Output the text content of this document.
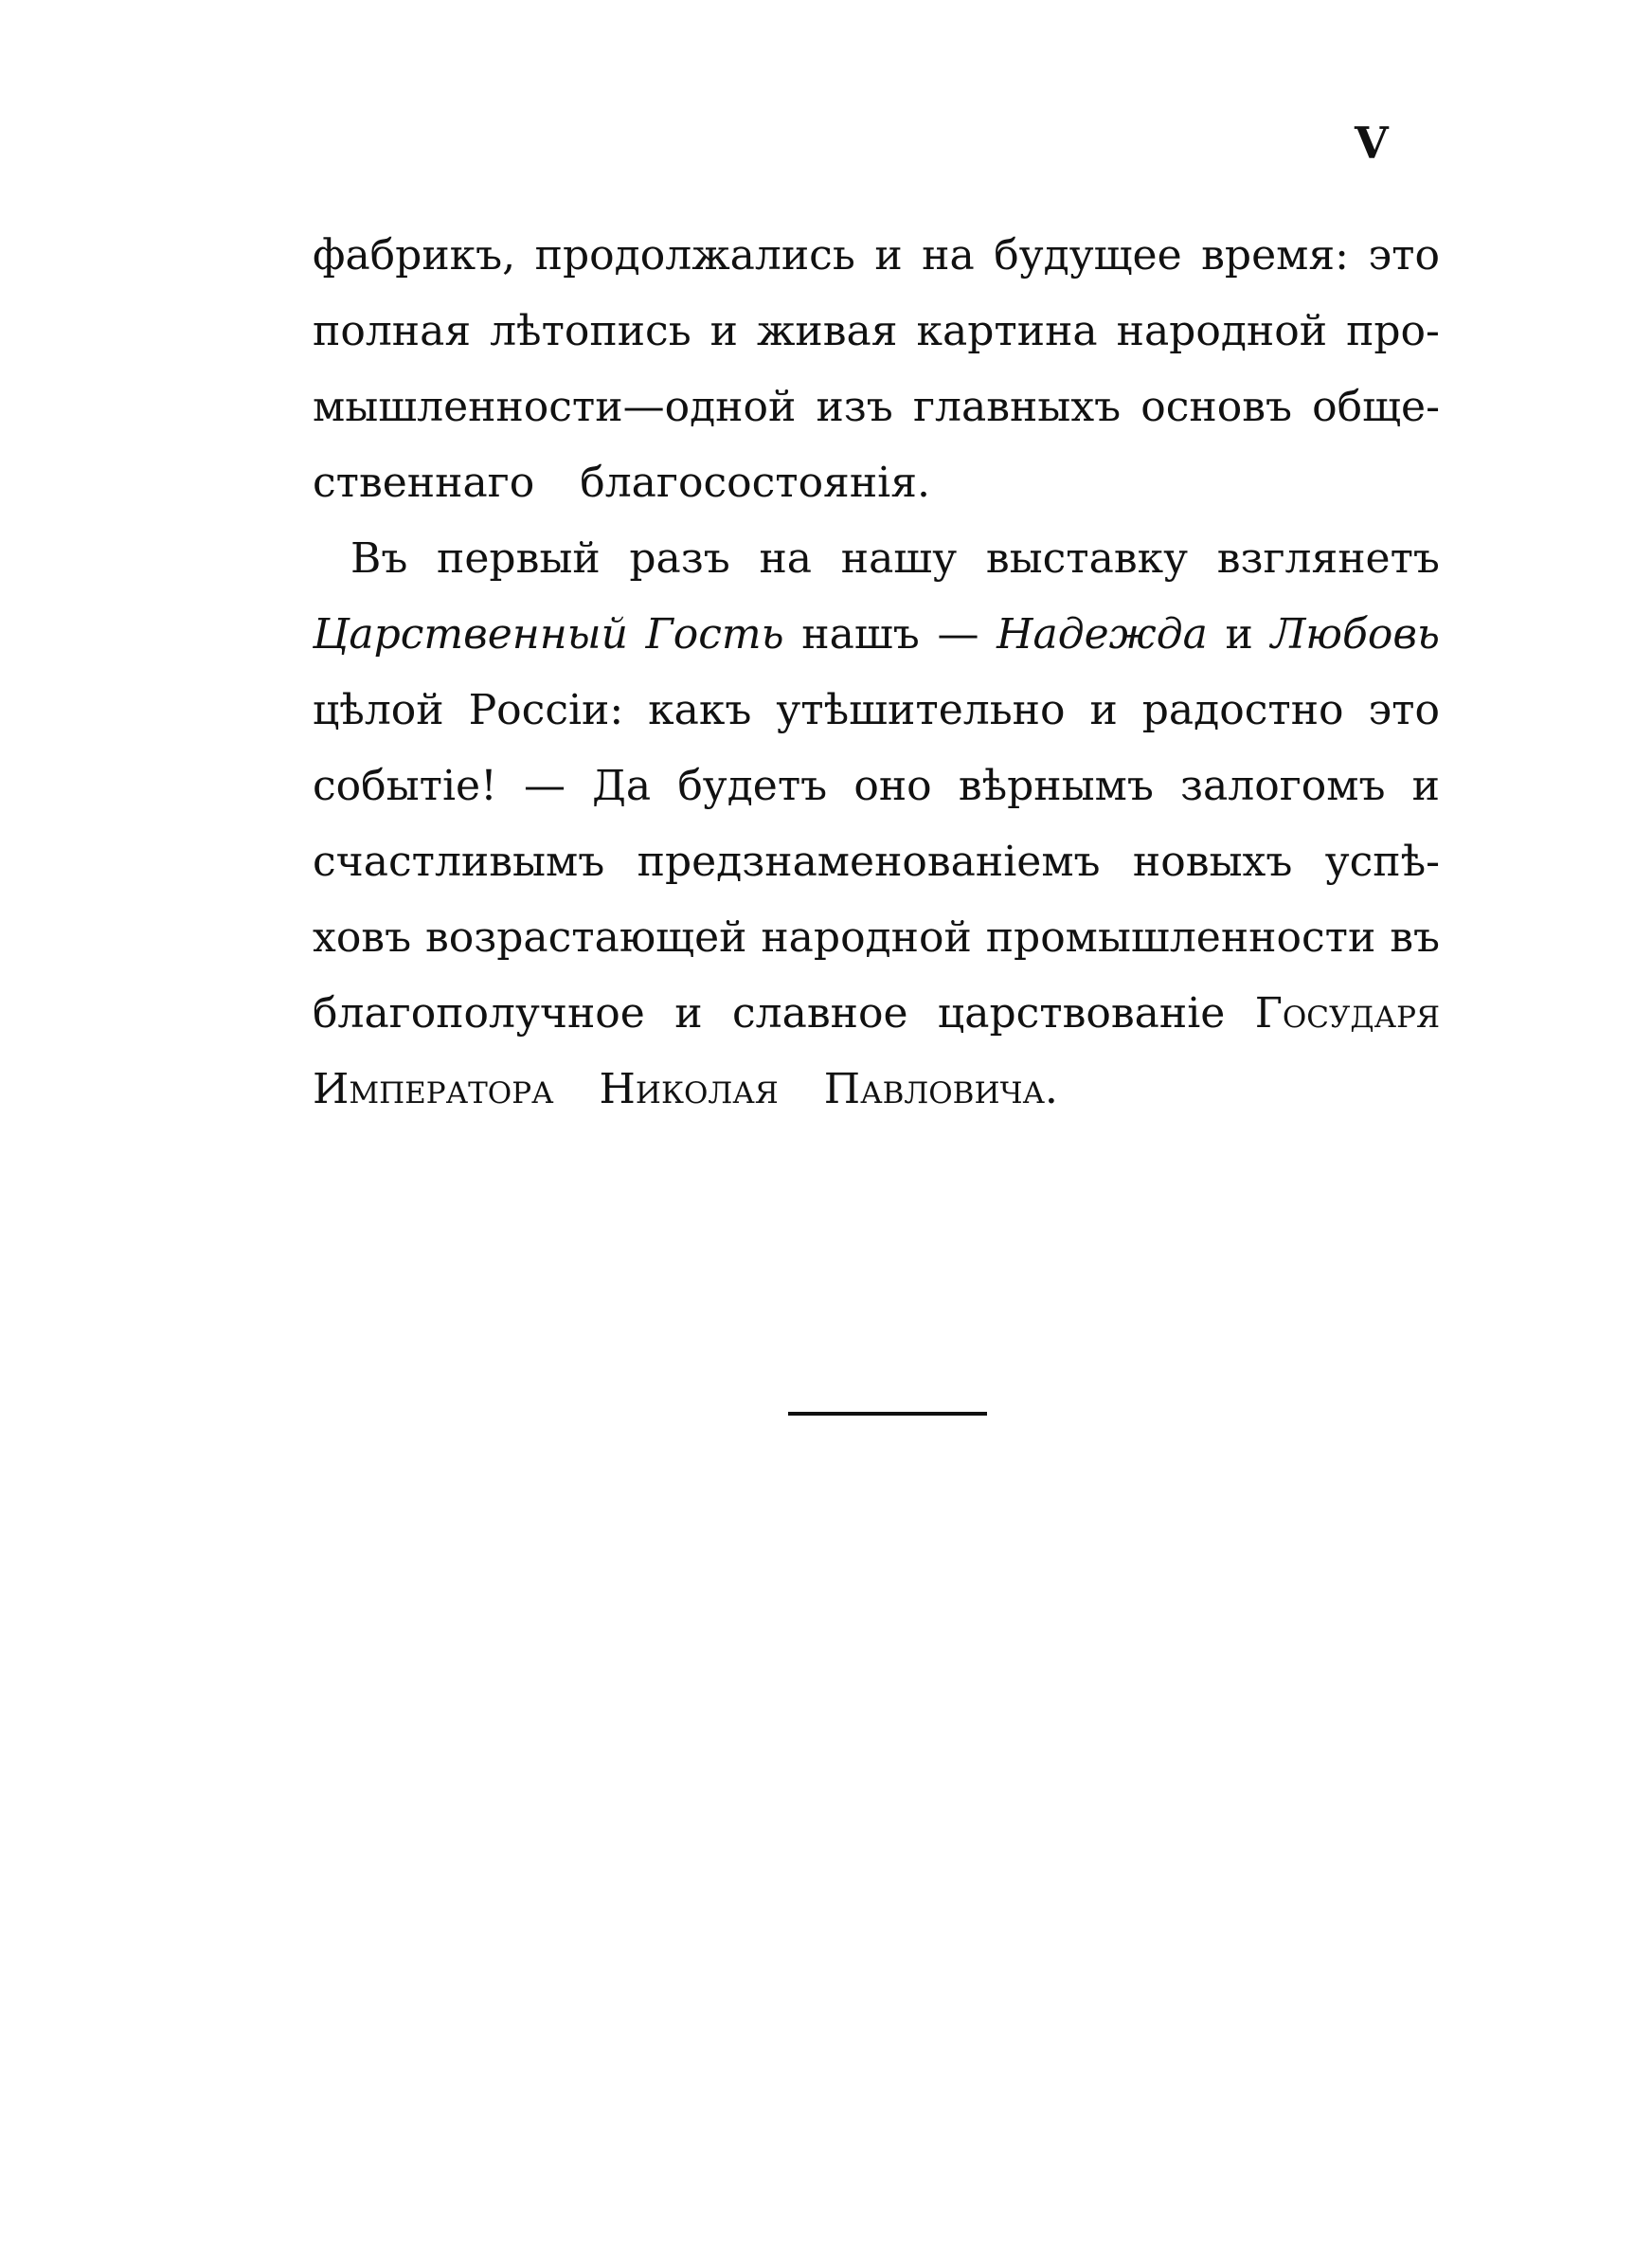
V
фабрикъ, продолжались и на будущее время: это
полная лѣтопись и живая картина народной про-
мышленности—одной изъ главныхъ основъ обще-
ственнаго благосостоянія.
Въ первый разъ на нашу выставку взглянетъ
Царственный Гость нашъ — Надежда и Любовь
цѣлой Россіи: какъ утѣшительно и радостно это
событіе! — Да будетъ оно вѣрнымъ залогомъ и
счастливымъ предзнаменованіемъ новыхъ успѣ-
ховъ возрастающей народной промышленности въ
благополучное и славное царствованіе Государя
Императора Николая Павловича.
